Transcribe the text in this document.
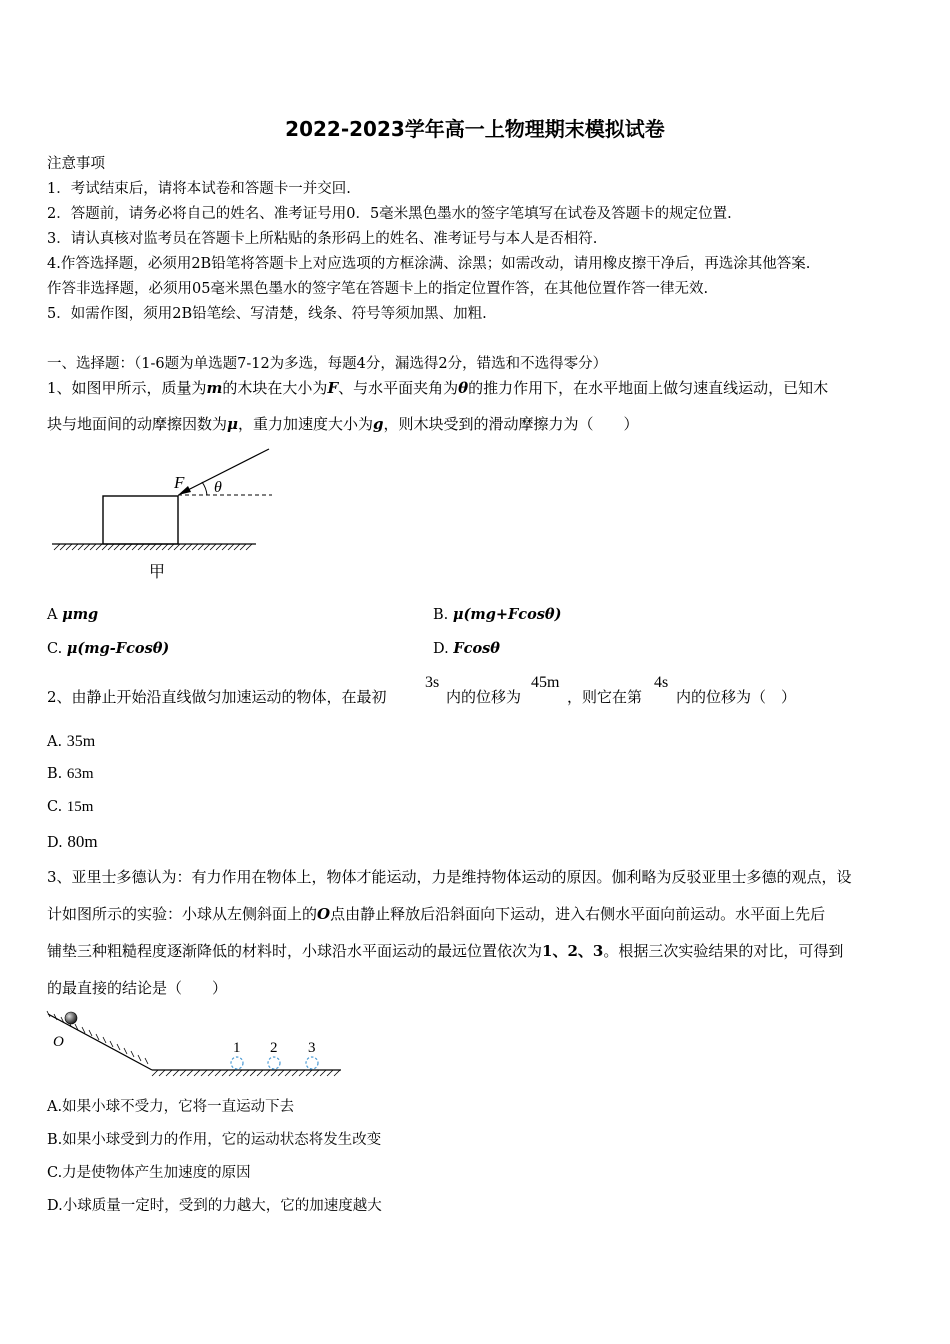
2022-2023学年高一上物理期末模拟试卷
注意事项
1．考试结束后，请将本试卷和答题卡一并交回.
2．答题前，请务必将自己的姓名、准考证号用0．5毫米黑色墨水的签字笔填写在试卷及答题卡的规定位置.
3．请认真核对监考员在答题卡上所粘贴的条形码上的姓名、准考证号与本人是否相符.
4.作答选择题，必须用2B铅笔将答题卡上对应选项的方框涂满、涂黑；如需改动，请用橡皮擦干净后，再选涂其他答案.
作答非选择题，必须用05毫米黑色墨水的签字笔在答题卡上的指定位置作答，在其他位置作答一律无效.
5．如需作图，须用2B铅笔绘、写清楚，线条、符号等须加黑、加粗.
一、选择题：（1-6题为单选题7-12为多选，每题4分，漏选得2分，错选和不选得零分）
1、如图甲所示，质量为m的木块在大小为F、与水平面夹角为θ的推力作用下，在水平地面上做匀速直线运动，已知木
块与地面间的动摩擦因数为μ，重力加速度大小为g，则木块受到的滑动摩擦力为（　　）
F θ
甲
A μmg	B. μ(mg+Fcosθ)
C. μ(mg-Fcosθ)	D. Fcosθ
2、由静止开始沿直线做匀加速运动的物体，在最初
3s
内的位移为
45m
，则它在第
4s
内的位移为（　）
A. 35m
B. 63m
C. 15m
D. 80m
3、亚里士多德认为：有力作用在物体上，物体才能运动，力是维持物体运动的原因。伽利略为反驳亚里士多德的观点，设
计如图所示的实验：小球从左侧斜面上的O点由静止释放后沿斜面向下运动，进入右侧水平面向前运动。水平面上先后
铺垫三种粗糙程度逐渐降低的材料时，小球沿水平面运动的最远位置依次为1、2、3。根据三次实验结果的对比，可得到
的最直接的结论是（　　）
O	1 2 3
A.如果小球不受力，它将一直运动下去
B.如果小球受到力的作用，它的运动状态将发生改变
C.力是使物体产生加速度的原因
D.小球质量一定时，受到的力越大，它的加速度越大
